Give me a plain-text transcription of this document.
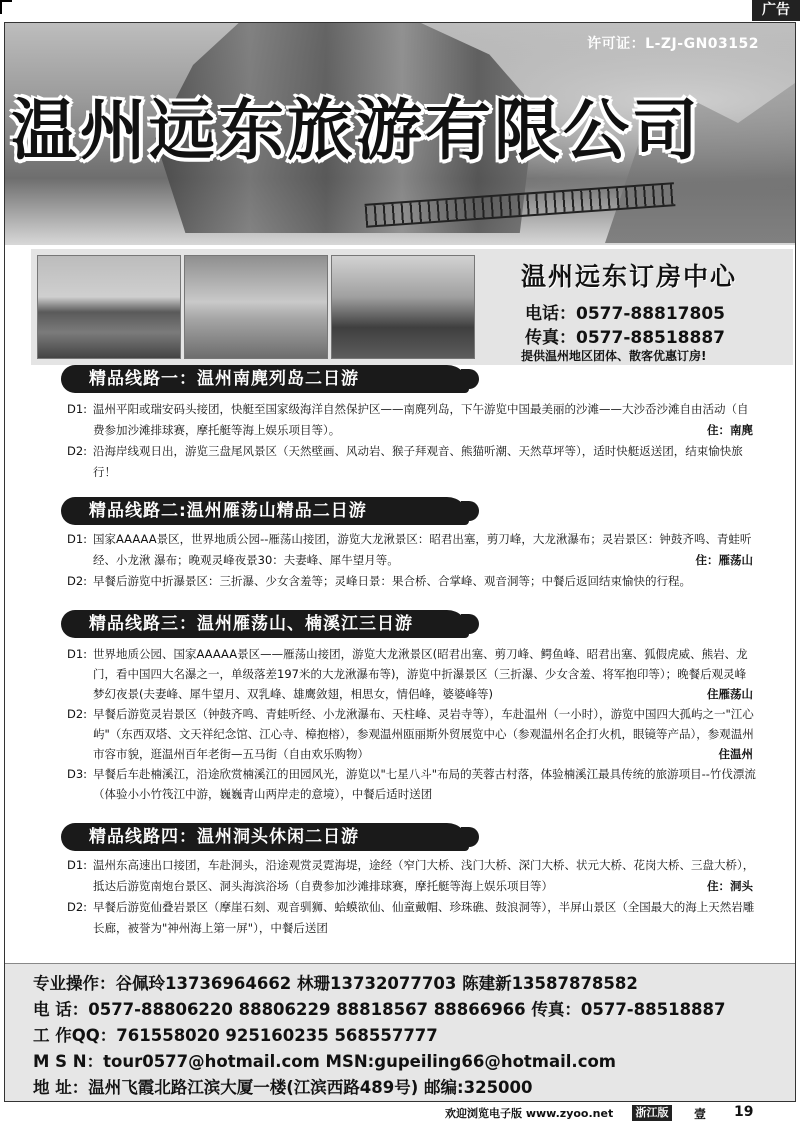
广告
许可证：L-ZJ-GN03152
温州远东旅游有限公司
温州远东订房中心
电话：0577-88817805
传真：0577-88518887
提供温州地区团体、散客优惠订房!
精品线路一：温州南麂列岛二日游
D1: 温州平阳或瑞安码头接团，快艇至国家级海洋自然保护区——南麂列岛，下午游览中国最美丽的沙滩——大沙岙沙滩自由活动（自费参加沙滩排球赛，摩托艇等海上娱乐项目等）。	住：南麂
D2: 沿海岸线观日出，游览三盘尾风景区（天然壁画、风动岩、猴子拜观音、熊猫听潮、天然草坪等），适时快艇返送团，结束愉快旅行！
精品线路二:温州雁荡山精品二日游
D1: 国家AAAAA景区，世界地质公园--雁荡山接团，游览大龙湫景区：昭君出塞，剪刀峰，大龙湫瀑布；灵岩景区：钟鼓齐鸣、青蛙听经、小龙湫 瀑布；晚观灵峰夜景30：夫妻峰、犀牛望月等。	住：雁荡山
D2: 早餐后游览中折瀑景区：三折瀑、少女含羞等；灵峰日景：果合桥、合掌峰、观音洞等；中餐后返回结束愉快的行程。
精品线路三：温州雁荡山、楠溪江三日游
D1: 世界地质公园、国家AAAAA景区——雁荡山接团，游览大龙湫景区(昭君出塞、剪刀峰、鳄鱼峰、昭君出塞、狐假虎威、熊岩、龙门，看中国四大名瀑之一，单级落差197米的大龙湫瀑布等)，游览中折瀑景区（三折瀑、少女含羞、将军抱印等）；晚餐后观灵峰梦幻夜景(夫妻峰、犀牛望月、双乳峰、雄鹰敛翅，相思女，情侣峰，婆婆峰等)	住雁荡山
D2: 早餐后游览灵岩景区（钟鼓齐鸣、青蛙听经、小龙湫瀑布、天柱峰、灵岩寺等），车赴温州（一小时），游览中国四大孤屿之一"江心屿"（东西双塔、文天祥纪念馆、江心寺、樟抱榕），参观温州瓯丽斯外贸展览中心（参观温州名企打火机，眼镜等产品），参观温州市容市貌，逛温州百年老街—五马街（自由欢乐购物）	住温州
D3: 早餐后车赴楠溪江，沿途欣赏楠溪江的田园风光，游览以"七星八斗"布局的芙蓉古村落，体验楠溪江最具传统的旅游项目--竹伐漂流（体验小小竹筏江中游，巍巍青山两岸走的意境），中餐后适时送团
精品线路四：温州洞头休闲二日游
D1: 温州东高速出口接团，车赴洞头，沿途观赏灵霓海堤，途经（窄门大桥、浅门大桥、深门大桥、状元大桥、花岗大桥、三盘大桥），抵达后游览南炮台景区、洞头海滨浴场（自费参加沙滩排球赛，摩托艇等海上娱乐项目等）	住：洞头
D2: 早餐后游览仙叠岩景区（摩崖石刻、观音驯狮、蛤蟆欲仙、仙童戴帽、珍珠礁、鼓浪洞等），半屏山景区（全国最大的海上天然岩雕长廊，被誉为"神州海上第一屏"），中餐后送团
专业操作：谷佩玲13736964662 林珊13732077703 陈建新13587878582
电 话：0577-88806220 88806229 88818567 88866966 传真：0577-88518887
工 作QQ：761558020 925160235 568557777
M S N：tour0577@hotmail.com MSN:gupeiling66@hotmail.com
地 址：温州飞霞北路江滨大厦一楼(江滨西路489号) 邮编:325000
欢迎浏览电子版 www.zyoo.net	浙江版 壹 19
